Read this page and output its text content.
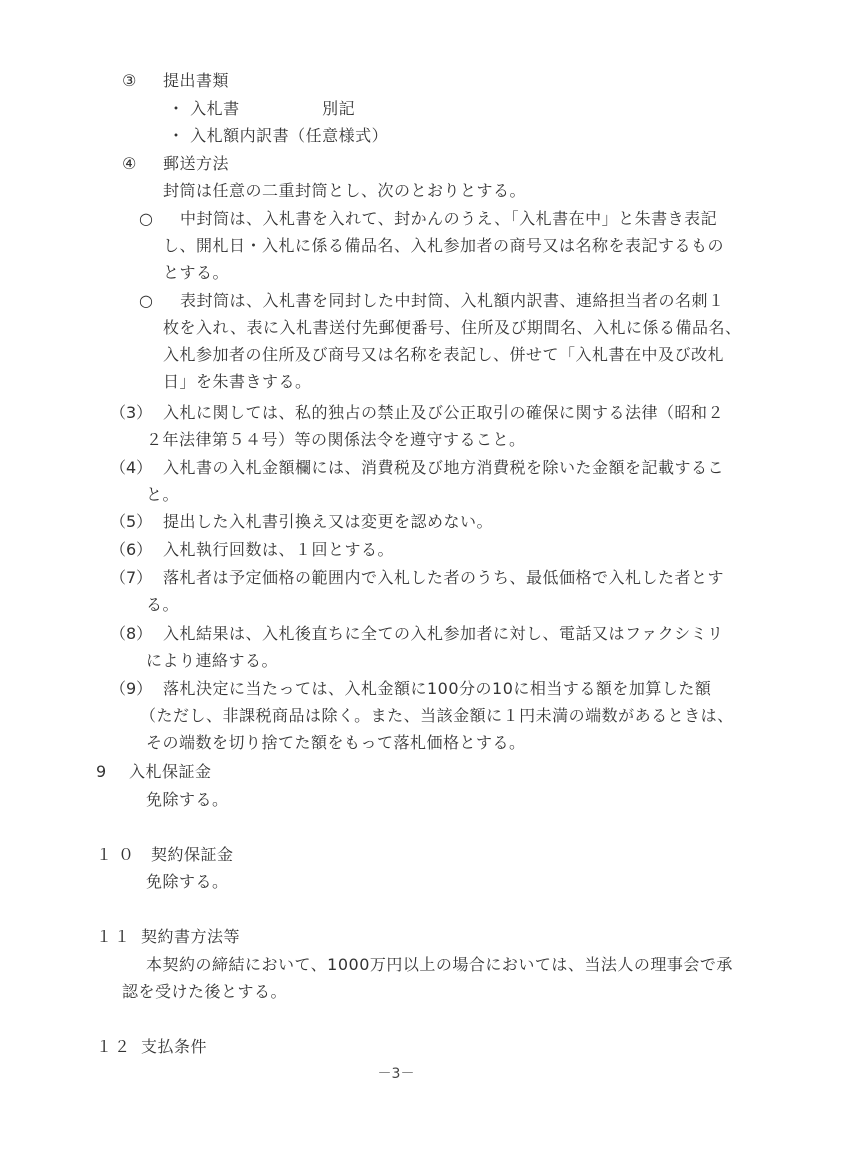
③ 提出書類
・ 入札書　　　　　別記
・ 入札額内訳書（任意様式）
④ 郵送方法
封筒は任意の二重封筒とし、次のとおりとする。
○ 中封筒は、入札書を入れて、封かんのうえ、「入札書在中」と朱書き表記
し、開札日・入札に係る備品名、入札参加者の商号又は名称を表記するもの
とする。
○ 表封筒は、入札書を同封した中封筒、入札額内訳書、連絡担当者の名刺１
枚を入れ、表に入札書送付先郵便番号、住所及び期間名、入札に係る備品名、
入札参加者の住所及び商号又は名称を表記し、併せて「入札書在中及び改札
日」を朱書きする。
（3） 入札に関しては、私的独占の禁止及び公正取引の確保に関する法律（昭和２
２年法律第５４号）等の関係法令を遵守すること。
（4） 入札書の入札金額欄には、消費税及び地方消費税を除いた金額を記載するこ
と。
（5） 提出した入札書引換え又は変更を認めない。
（6） 入札執行回数は、１回とする。
（7） 落札者は予定価格の範囲内で入札した者のうち、最低価格で入札した者とす
る。
（8） 入札結果は、入札後直ちに全ての入札参加者に対し、電話又はファクシミリ
により連絡する。
（9） 落札決定に当たっては、入札金額に100分の10に相当する額を加算した額
（ただし、非課税商品は除く。また、当該金額に１円未満の端数があるときは、
その端数を切り捨てた額をもって落札価格とする。
9 入札保証金
免除する。
１０ 契約保証金
免除する。
１１ 契約書方法等
本契約の締結において、1000万円以上の場合においては、当法人の理事会で承
認を受けた後とする。
１２ 支払条件
－3－
